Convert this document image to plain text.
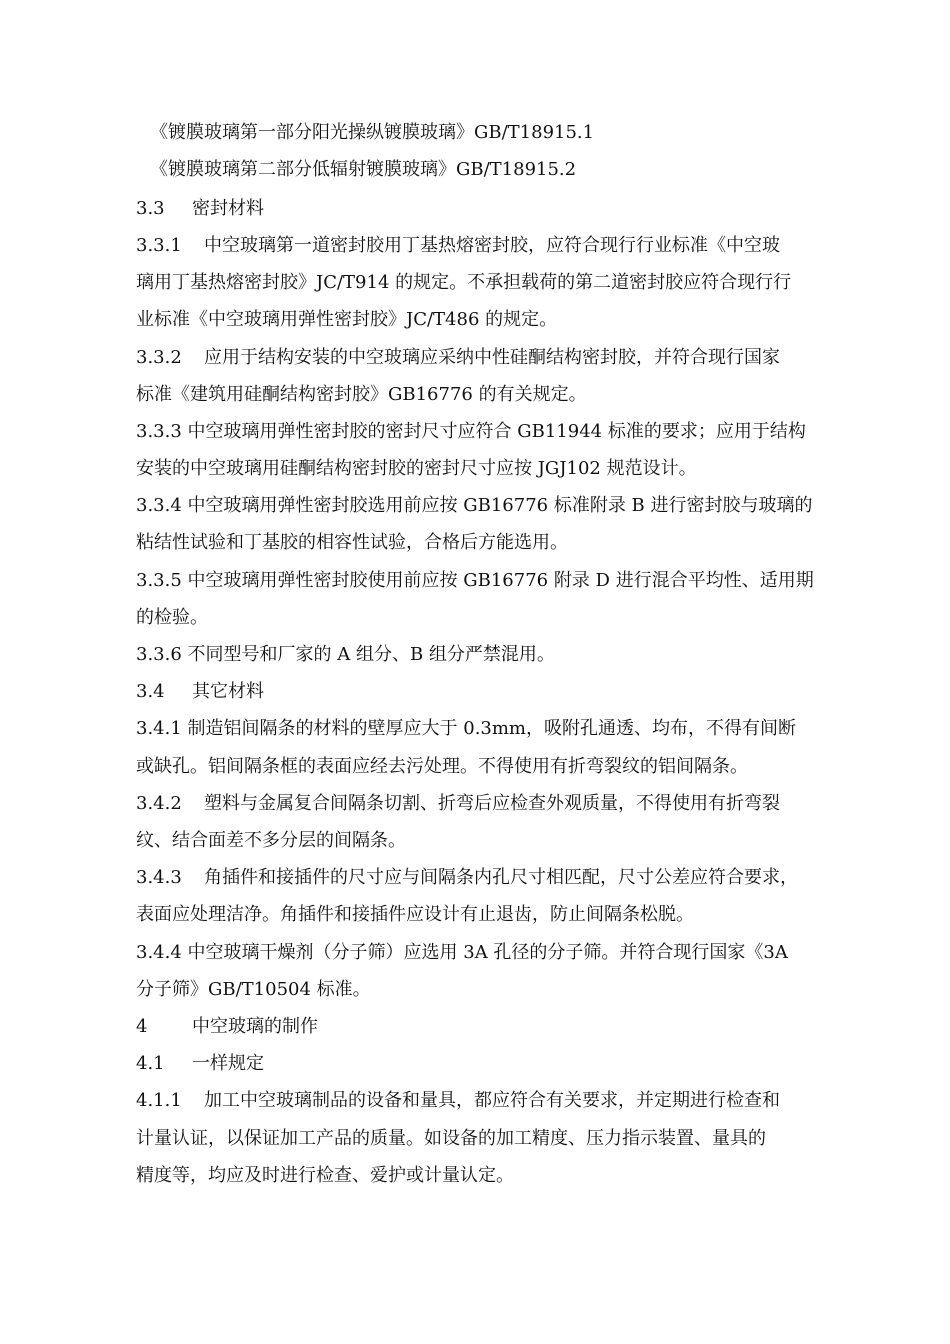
《镀膜玻璃第一部分阳光操纵镀膜玻璃》GB/T18915.1
《镀膜玻璃第二部分低辐射镀膜玻璃》GB/T18915.2
3.3 密封材料
3.3.1 中空玻璃第一道密封胶用丁基热熔密封胶，应符合现行行业标准《中空玻
璃用丁基热熔密封胶》JC/T914 的规定。不承担载荷的第二道密封胶应符合现行行
业标准《中空玻璃用弹性密封胶》JC/T486 的规定。
3.3.2 应用于结构安装的中空玻璃应采纳中性硅酮结构密封胶，并符合现行国家
标准《建筑用硅酮结构密封胶》GB16776 的有关规定。
3.3.3 中空玻璃用弹性密封胶的密封尺寸应符合 GB11944 标准的要求；应用于结构
安装的中空玻璃用硅酮结构密封胶的密封尺寸应按 JGJ102 规范设计。
3.3.4 中空玻璃用弹性密封胶选用前应按 GB16776 标准附录 B 进行密封胶与玻璃的
粘结性试验和丁基胶的相容性试验，合格后方能选用。
3.3.5 中空玻璃用弹性密封胶使用前应按 GB16776 附录 D 进行混合平均性、适用期
的检验。
3.3.6 不同型号和厂家的 A 组分、B 组分严禁混用。
3.4 其它材料
3.4.1 制造铝间隔条的材料的壁厚应大于 0.3mm，吸附孔通透、均布，不得有间断
或缺孔。铝间隔条框的表面应经去污处理。不得使用有折弯裂纹的铝间隔条。
3.4.2 塑料与金属复合间隔条切割、折弯后应检查外观质量，不得使用有折弯裂
纹、结合面差不多分层的间隔条。
3.4.3 角插件和接插件的尺寸应与间隔条内孔尺寸相匹配，尺寸公差应符合要求，
表面应处理洁净。角插件和接插件应设计有止退齿，防止间隔条松脱。
3.4.4 中空玻璃干燥剂（分子筛）应选用 3A 孔径的分子筛。并符合现行国家《3A
分子筛》GB/T10504 标准。
4 中空玻璃的制作
4.1 一样规定
4.1.1 加工中空玻璃制品的设备和量具，都应符合有关要求，并定期进行检查和
计量认证，以保证加工产品的质量。如设备的加工精度、压力指示装置、量具的
精度等，均应及时进行检查、爱护或计量认定。
